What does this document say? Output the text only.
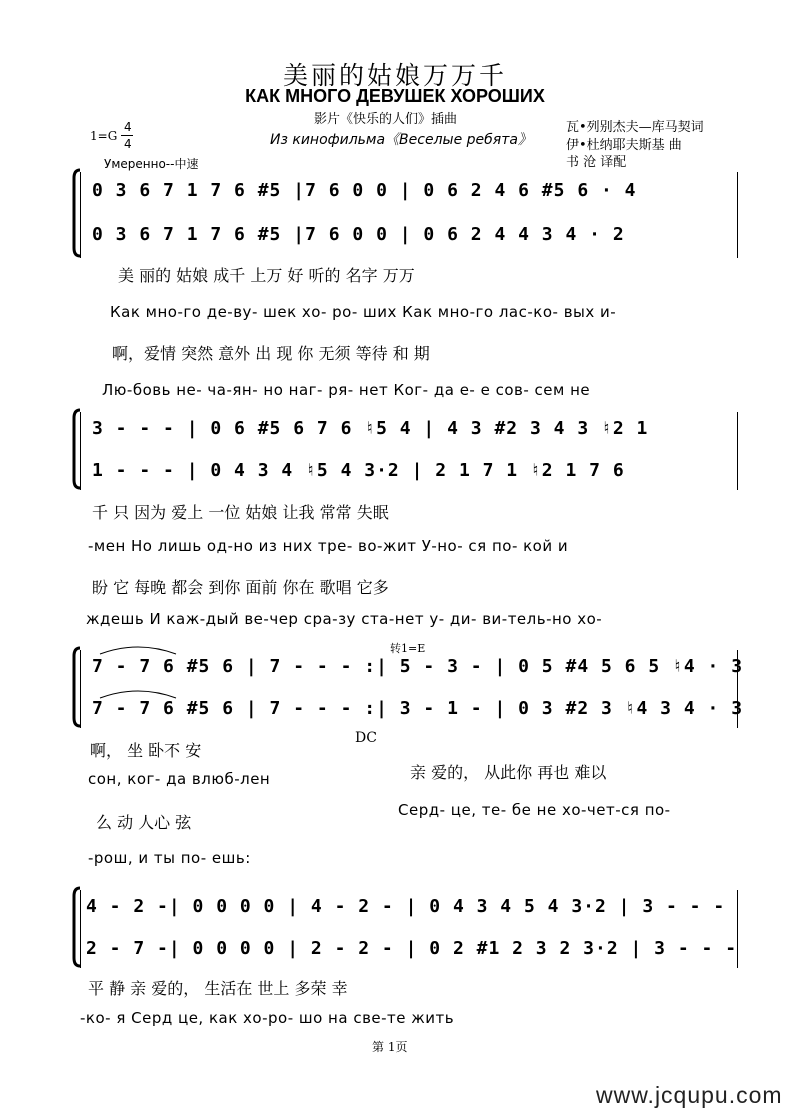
美丽的姑娘万万千
КАК МНОГО ДЕВУШЕК ХОРОШИХ
影片《快乐的人们》插曲
Из кинофильма《Веселые ребята》
1=G
4
4
Умеренно--中速
瓦•列别杰夫—库马契词
伊•杜纳耶夫斯基 曲
书 沧 译配
0 3 6 7 1 7 6 #5 |7 6 0 0 | 0 6 2 4 6 #5 6 · 4
0 3 6 7 1 7 6 #5 |7 6 0 0 | 0 6 2 4 4 3 4 · 2
美 丽的 姑娘 成千 上万 好 听的 名字 万万
Как мно-го де-ву- шек хо- ро- ших Как мно-го лас-ко- вых и-
啊，爱情 突然 意外 出 现 你 无须 等待 和 期
Лю-бовь не- ча-ян- но наг- ря- нет Ког- да е- е сов- сем не
3 - - - | 0 6 #5 6 7 6 ♮5 4 | 4 3 #2 3 4 3 ♮2 1
1 - - - | 0 4 3 4 ♮5 4 3·2 | 2 1 7 1 ♮2 1 7 6
千 只 因为 爱上 一位 姑娘 让我 常常 失眠
-мен Но лишь од-но из них тре- во-жит У-но- ся по- кой и
盼 它 每晚 都会 到你 面前 你在 歌唱 它多
ждешь И каж-дый ве-чер сра-зу ста-нет у- ди- ви-тель-но хо-
转1=E
7 - 7 6 #5 6 | 7 - - - :| 5 - 3 - | 0 5 #4 5 6 5 ♮4 · 3
7 - 7 6 #5 6 | 7 - - - :| 3 - 1 - | 0 3 #2 3 ♮4 3 4 · 3
DC
啊， 坐 卧不 安
сон, ког- да влюб-лен
么 动 人心 弦
-рош, и ты по- ешь:
亲 爱的， 从此你 再也 难以
Серд- це, те- бе не хо-чет-ся по-
4 - 2 -| 0 0 0 0 | 4 - 2 - | 0 4 3 4 5 4 3·2 | 3 - - -
2 - 7 -| 0 0 0 0 | 2 - 2 - | 0 2 #1 2 3 2 3·2 | 3 - - -
平 静 亲 爱的， 生活在 世上 多荣 幸
-ко- я Серд це, как хо-ро- шо на све-те жить
第 1页
www.jcqupu.com
